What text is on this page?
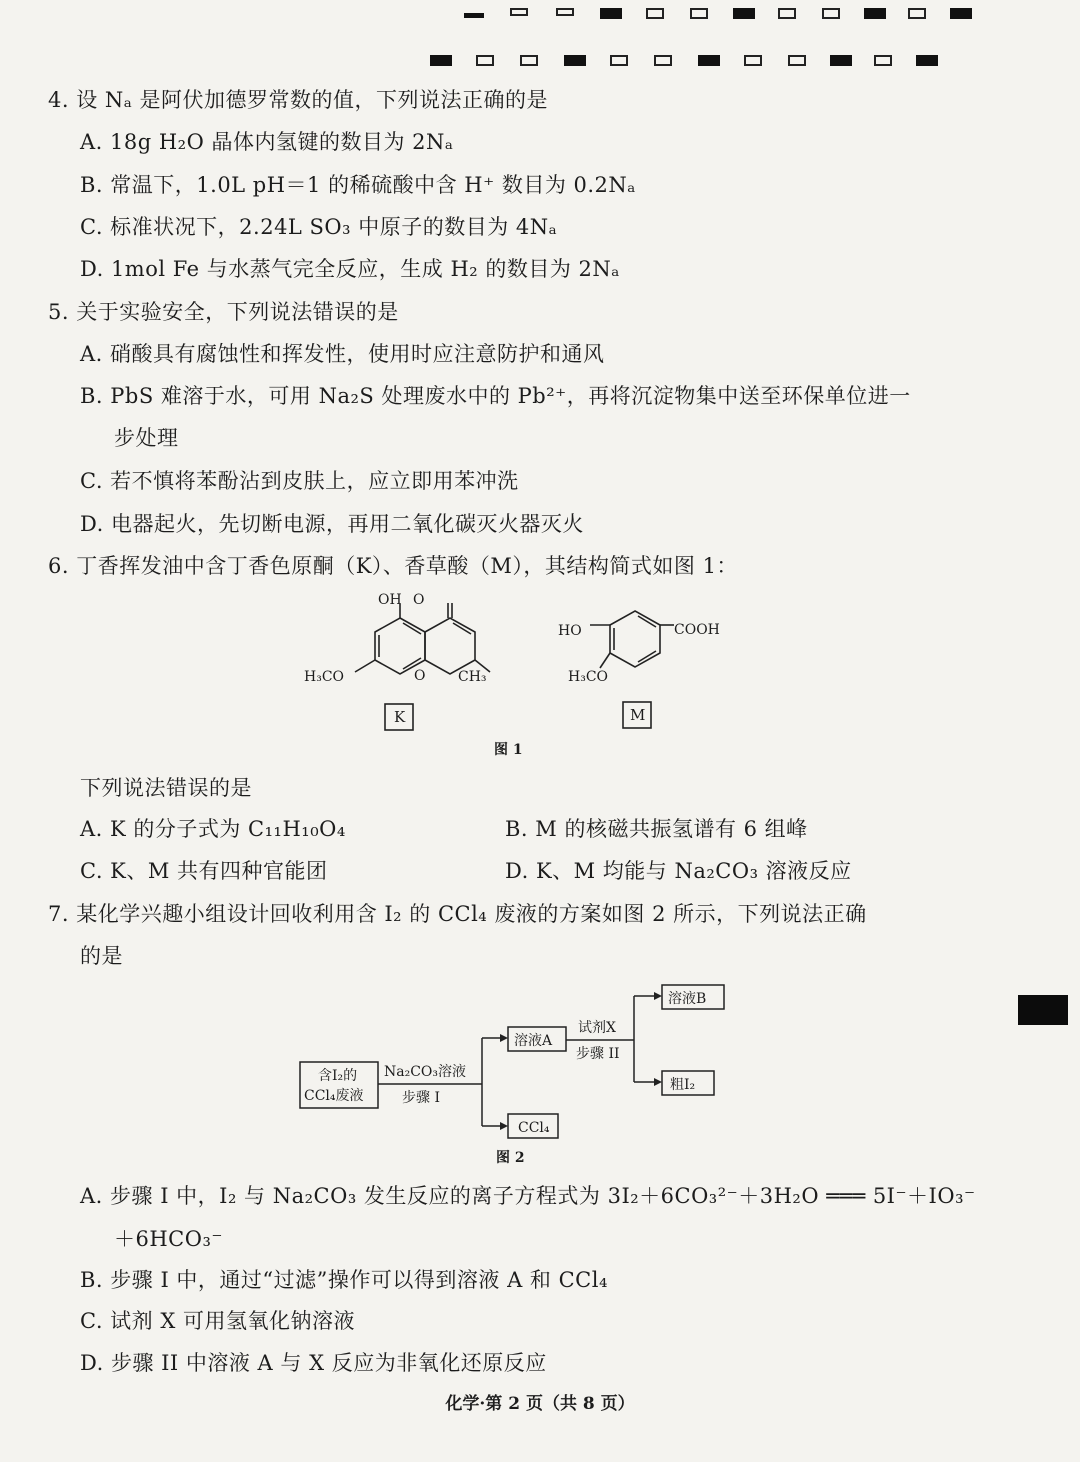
4. 设 Nₐ 是阿伏加德罗常数的值，下列说法正确的是
A. 18g H₂O 晶体内氢键的数目为 2Nₐ
B. 常温下，1.0L pH＝1 的稀硫酸中含 H⁺ 数目为 0.2Nₐ
C. 标准状况下，2.24L SO₃ 中原子的数目为 4Nₐ
D. 1mol Fe 与水蒸气完全反应，生成 H₂ 的数目为 2Nₐ
5. 关于实验安全，下列说法错误的是
A. 硝酸具有腐蚀性和挥发性，使用时应注意防护和通风
B. PbS 难溶于水，可用 Na₂S 处理废水中的 Pb²⁺，再将沉淀物集中送至环保单位进一
步处理
C. 若不慎将苯酚沾到皮肤上，应立即用苯冲洗
D. 电器起火，先切断电源，再用二氧化碳灭火器灭火
6. 丁香挥发油中含丁香色原酮（K）、香草酸（M），其结构简式如图 1：
OH O
H₃CO	O CH₃
K
HO	COOH
H₃CO
M
图 1
下列说法错误的是
A. K 的分子式为 C₁₁H₁₀O₄	B. M 的核磁共振氢谱有 6 组峰
C. K、M 共有四种官能团	D. K、M 均能与 Na₂CO₃ 溶液反应
7. 某化学兴趣小组设计回收利用含 I₂ 的 CCl₄ 废液的方案如图 2 所示，下列说法正确
的是
含I₂的
CCl₄废液
Na₂CO₃溶液
步骤 I
溶液A
CCl₄
试剂X
步骤 II
溶液B
粗I₂
图 2
A. 步骤 I 中，I₂ 与 Na₂CO₃ 发生反应的离子方程式为 3I₂＋6CO₃²⁻＋3H₂O ═══ 5I⁻＋IO₃⁻
＋6HCO₃⁻
B. 步骤 I 中，通过“过滤”操作可以得到溶液 A 和 CCl₄
C. 试剂 X 可用氢氧化钠溶液
D. 步骤 II 中溶液 A 与 X 反应为非氧化还原反应
化学·第 2 页（共 8 页）
